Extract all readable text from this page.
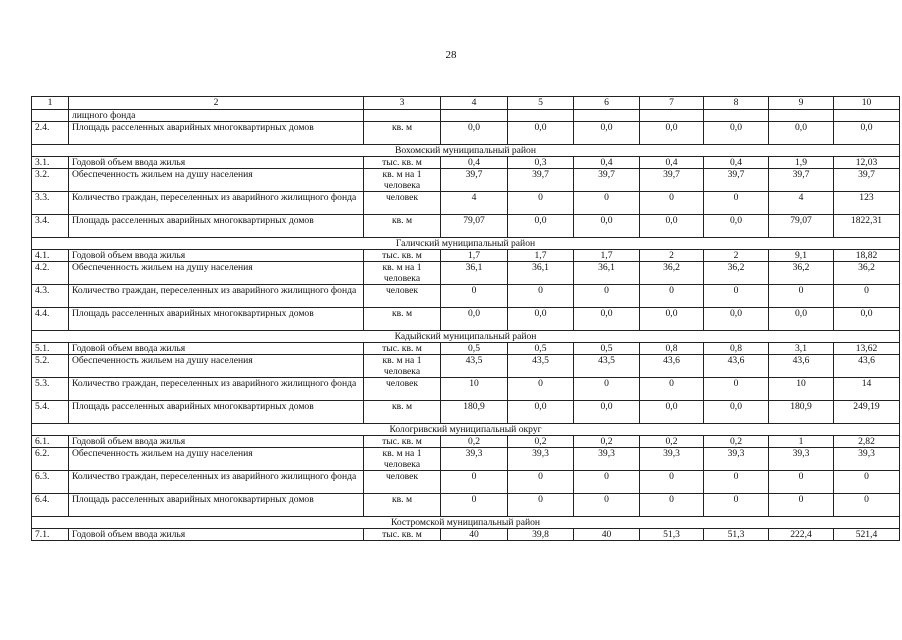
28
1	2	3	4	5	6	7	8	9	10
	лищного фонда								
2.4.	Площадь расселенных аварийных многоквартирных домов	кв. м	0,0	0,0	0,0	0,0	0,0	0,0	0,0
Вохомский муниципальный район									
3.1.	Годовой объем ввода жилья	тыс. кв. м	0,4	0,3	0,4	0,4	0,4	1,9	12,03
3.2.	Обеспеченность жильем на душу населения	кв. м на 1 человека	39,7	39,7	39,7	39,7	39,7	39,7	39,7
3.3.	Количество граждан, переселенных из аварийного жилищного фонда	человек	4	0	0	0	0	4	123
3.4.	Площадь расселенных аварийных многоквартирных домов	кв. м	79,07	0,0	0,0	0,0	0,0	79,07	1822,31
Галичский муниципальный район									
4.1.	Годовой объем ввода жилья	тыс. кв. м	1,7	1,7	1,7	2	2	9,1	18,82
4.2.	Обеспеченность жильем на душу населения	кв. м на 1 человека	36,1	36,1	36,1	36,2	36,2	36,2	36,2
4.3.	Количество граждан, переселенных из аварийного жилищного фонда	человек	0	0	0	0	0	0	0
4.4.	Площадь расселенных аварийных многоквартирных домов	кв. м	0,0	0,0	0,0	0,0	0,0	0,0	0,0
Кадыйский муниципальный район									
5.1.	Годовой объем ввода жилья	тыс. кв. м	0,5	0,5	0,5	0,8	0,8	3,1	13,62
5.2.	Обеспеченность жильем на душу населения	кв. м на 1 человека	43,5	43,5	43,5	43,6	43,6	43,6	43,6
5.3.	Количество граждан, переселенных из аварийного жилищного фонда	человек	10	0	0	0	0	10	14
5.4.	Площадь расселенных аварийных многоквартирных домов	кв. м	180,9	0,0	0,0	0,0	0,0	180,9	249,19
Кологривский муниципальный округ									
6.1.	Годовой объем ввода жилья	тыс. кв. м	0,2	0,2	0,2	0,2	0,2	1	2,82
6.2.	Обеспеченность жильем на душу населения	кв. м на 1 человека	39,3	39,3	39,3	39,3	39,3	39,3	39,3
6.3.	Количество граждан, переселенных из аварийного жилищного фонда	человек	0	0	0	0	0	0	0
6.4.	Площадь расселенных аварийных многоквартирных домов	кв. м	0	0	0	0	0	0	0
Костромской муниципальный район									
7.1.	Годовой объем ввода жилья	тыс. кв. м	40	39,8	40	51,3	51,3	222,4	521,4
